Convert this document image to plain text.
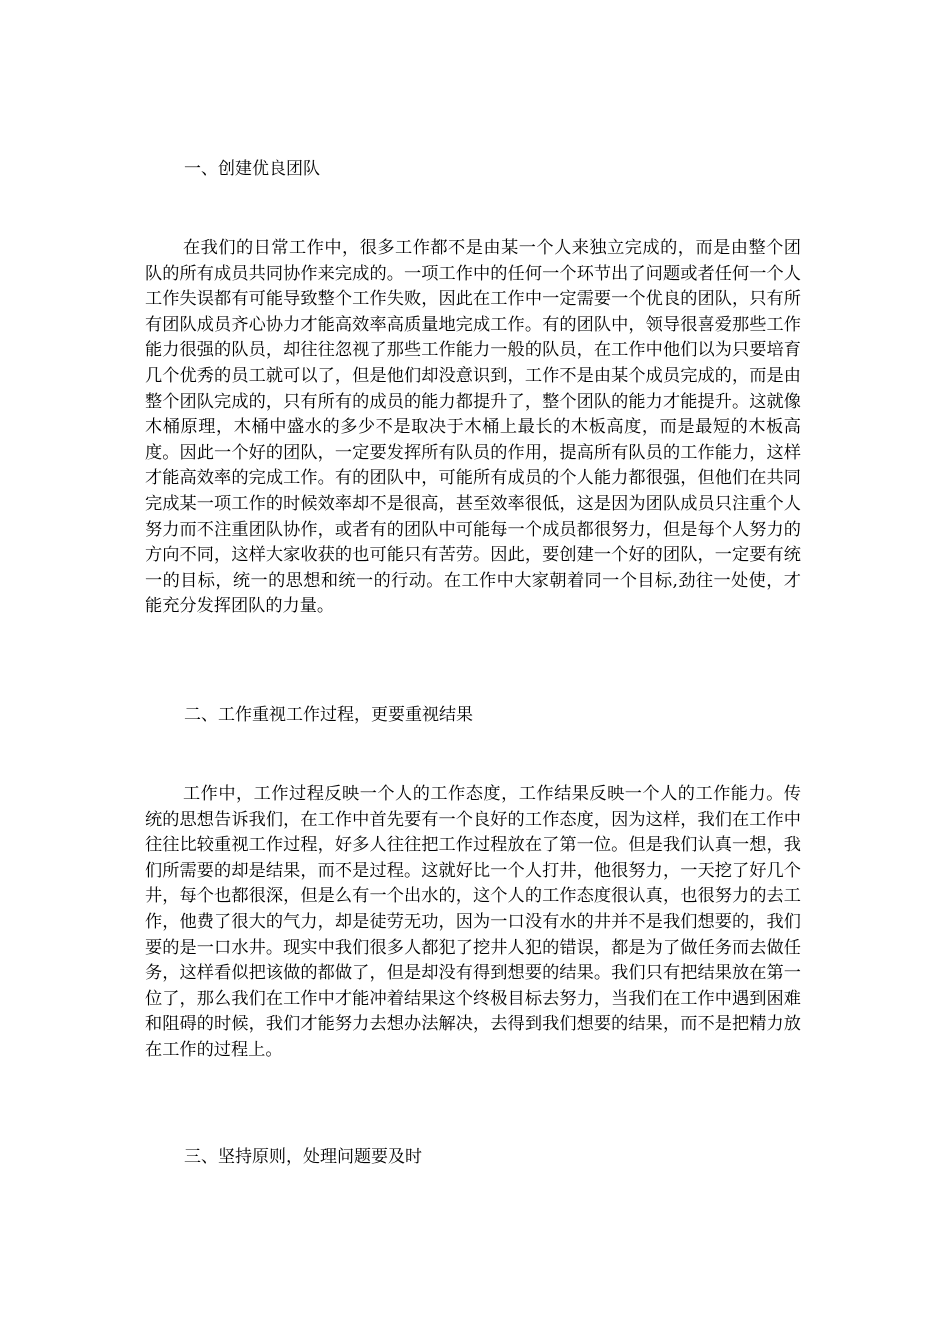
一、创建优良团队

在我们的日常工作中，很多工作都不是由某一个人来独立完成的，而是由整个团队的所有成员共同协作来完成的。一项工作中的任何一个环节出了问题或者任何一个人工作失误都有可能导致整个工作失败，因此在工作中一定需要一个优良的团队，只有所有团队成员齐心协力才能高效率高质量地完成工作。有的团队中，领导很喜爱那些工作能力很强的队员，却往往忽视了那些工作能力一般的队员，在工作中他们以为只要培育几个优秀的员工就可以了，但是他们却没意识到，工作不是由某个成员完成的，而是由整个团队完成的，只有所有的成员的能力都提升了，整个团队的能力才能提升。这就像木桶原理，木桶中盛水的多少不是取决于木桶上最长的木板高度，而是最短的木板高度。因此一个好的团队，一定要发挥所有队员的作用，提高所有队员的工作能力，这样才能高效率的完成工作。有的团队中，可能所有成员的个人能力都很强，但他们在共同完成某一项工作的时候效率却不是很高，甚至效率很低，这是因为团队成员只注重个人努力而不注重团队协作，或者有的团队中可能每一个成员都很努力，但是每个人努力的方向不同，这样大家收获的也可能只有苦劳。因此，要创建一个好的团队，一定要有统一的目标，统一的思想和统一的行动。在工作中大家朝着同一个目标,劲往一处使，才能充分发挥团队的力量。

二、工作重视工作过程，更要重视结果

工作中，工作过程反映一个人的工作态度，工作结果反映一个人的工作能力。传统的思想告诉我们，在工作中首先要有一个良好的工作态度，因为这样，我们在工作中往往比较重视工作过程，好多人往往把工作过程放在了第一位。但是我们认真一想，我们所需要的却是结果，而不是过程。这就好比一个人打井，他很努力，一天挖了好几个井，每个也都很深，但是么有一个出水的，这个人的工作态度很认真，也很努力的去工作，他费了很大的气力，却是徒劳无功，因为一口没有水的井并不是我们想要的，我们要的是一口水井。现实中我们很多人都犯了挖井人犯的错误，都是为了做任务而去做任务，这样看似把该做的都做了，但是却没有得到想要的结果。我们只有把结果放在第一位了，那么我们在工作中才能冲着结果这个终极目标去努力，当我们在工作中遇到困难和阻碍的时候，我们才能努力去想办法解决，去得到我们想要的结果，而不是把精力放在工作的过程上。

三、坚持原则，处理问题要及时
